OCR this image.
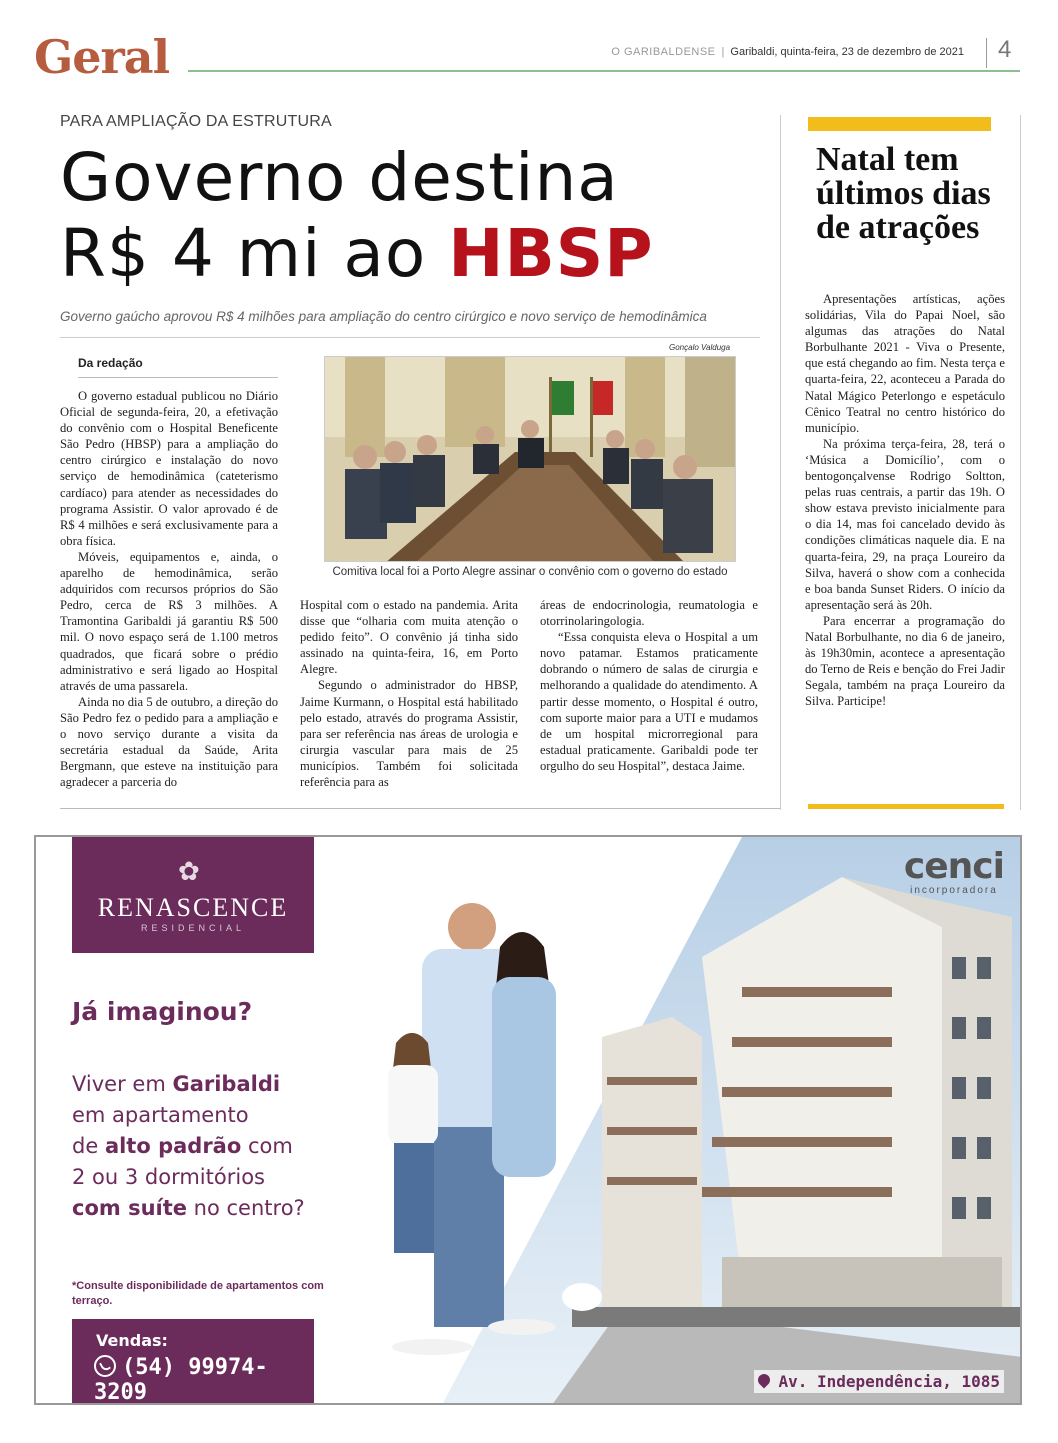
Geral	O GARIBALDENSE | Garibaldi, quinta-feira, 23 de dezembro de 2021 4
PARA AMPLIAÇÃO DA ESTRUTURA
Governo destina
R$ 4 mi ao HBSP
Governo gaúcho aprovou R$ 4 milhões para ampliação do centro cirúrgico e novo serviço de hemodinâmica
Da redação

O governo estadual publicou no Diário Oficial de segunda-feira, 20, a efetivação do convênio com o Hospital Beneficente São Pedro (HBSP) para a ampliação do centro cirúrgico e instalação do novo serviço de hemodinâmica (cateterismo cardíaco) para atender as necessidades do programa Assistir. O valor aprovado é de R$ 4 milhões e será exclusivamente para a obra física.

Móveis, equipamentos e, ainda, o aparelho de hemodinâmica, serão adquiridos com recursos próprios do São Pedro, cerca de R$ 3 milhões. A Tramontina Garibaldi já garantiu R$ 500 mil. O novo espaço será de 1.100 metros quadrados, que ficará sobre o prédio administrativo e será ligado ao Hospital através de uma passarela.

Ainda no dia 5 de outubro, a direção do São Pedro fez o pedido para a ampliação e o novo serviço durante a visita da secretária estadual da Saúde, Arita Bergmann, que esteve na instituição para agradecer a parceria do

Gonçalo Valduga
Comitiva local foi a Porto Alegre assinar o convênio com o governo do estado

Hospital com o estado na pandemia. Arita disse que “olharia com muita atenção o pedido feito”. O convênio já tinha sido assinado na quinta-feira, 16, em Porto Alegre.

Segundo o administrador do HBSP, Jaime Kurmann, o Hospital está habilitado pelo estado, através do programa Assistir, para ser referência nas áreas de urologia e cirurgia vascular para mais de 25 municípios. Também foi solicitada referência para as

áreas de endocrinologia, reumatologia e otorrinolaringologia.

“Essa conquista eleva o Hospital a um novo patamar. Estamos praticamente dobrando o número de salas de cirurgia e melhorando a qualidade do atendimento. A partir desse momento, o Hospital é outro, com suporte maior para a UTI e mudamos de um hospital microrregional para estadual praticamente. Garibaldi pode ter orgulho do seu Hospital”, destaca Jaime.

Natal tem últimos dias de atrações

Apresentações artísticas, ações solidárias, Vila do Papai Noel, são algumas das atrações do Natal Borbulhante 2021 - Viva o Presente, que está chegando ao fim. Nesta terça e quarta-feira, 22, aconteceu a Parada do Natal Mágico Peterlongo e espetáculo Cênico Teatral no centro histórico do município.

Na próxima terça-feira, 28, terá o ‘Música a Domicílio’, com o bentogonçalvense Rodrigo Soltton, pelas ruas centrais, a partir das 19h. O show estava previsto inicialmente para o dia 14, mas foi cancelado devido às condições climáticas naquele dia. E na quarta-feira, 29, na praça Loureiro da Silva, haverá o show com a conhecida e boa banda Sunset Riders. O início da apresentação será às 20h.

Para encerrar a programação do Natal Borbulhante, no dia 6 de janeiro, às 19h30min, acontece a apresentação do Terno de Reis e benção do Frei Jadir Segala, também na praça Loureiro da Silva. Participe!

✿
RENASCENCE
RESIDENCIAL
Já imaginou?
Viver em Garibaldi
em apartamento
de alto padrão com
2 ou 3 dormitórios
com suíte no centro?
*Consulte disponibilidade de apartamentos com terraço.
Vendas:
(54) 99974-3209
cenci
incorporadora
Av. Independência, 1085
